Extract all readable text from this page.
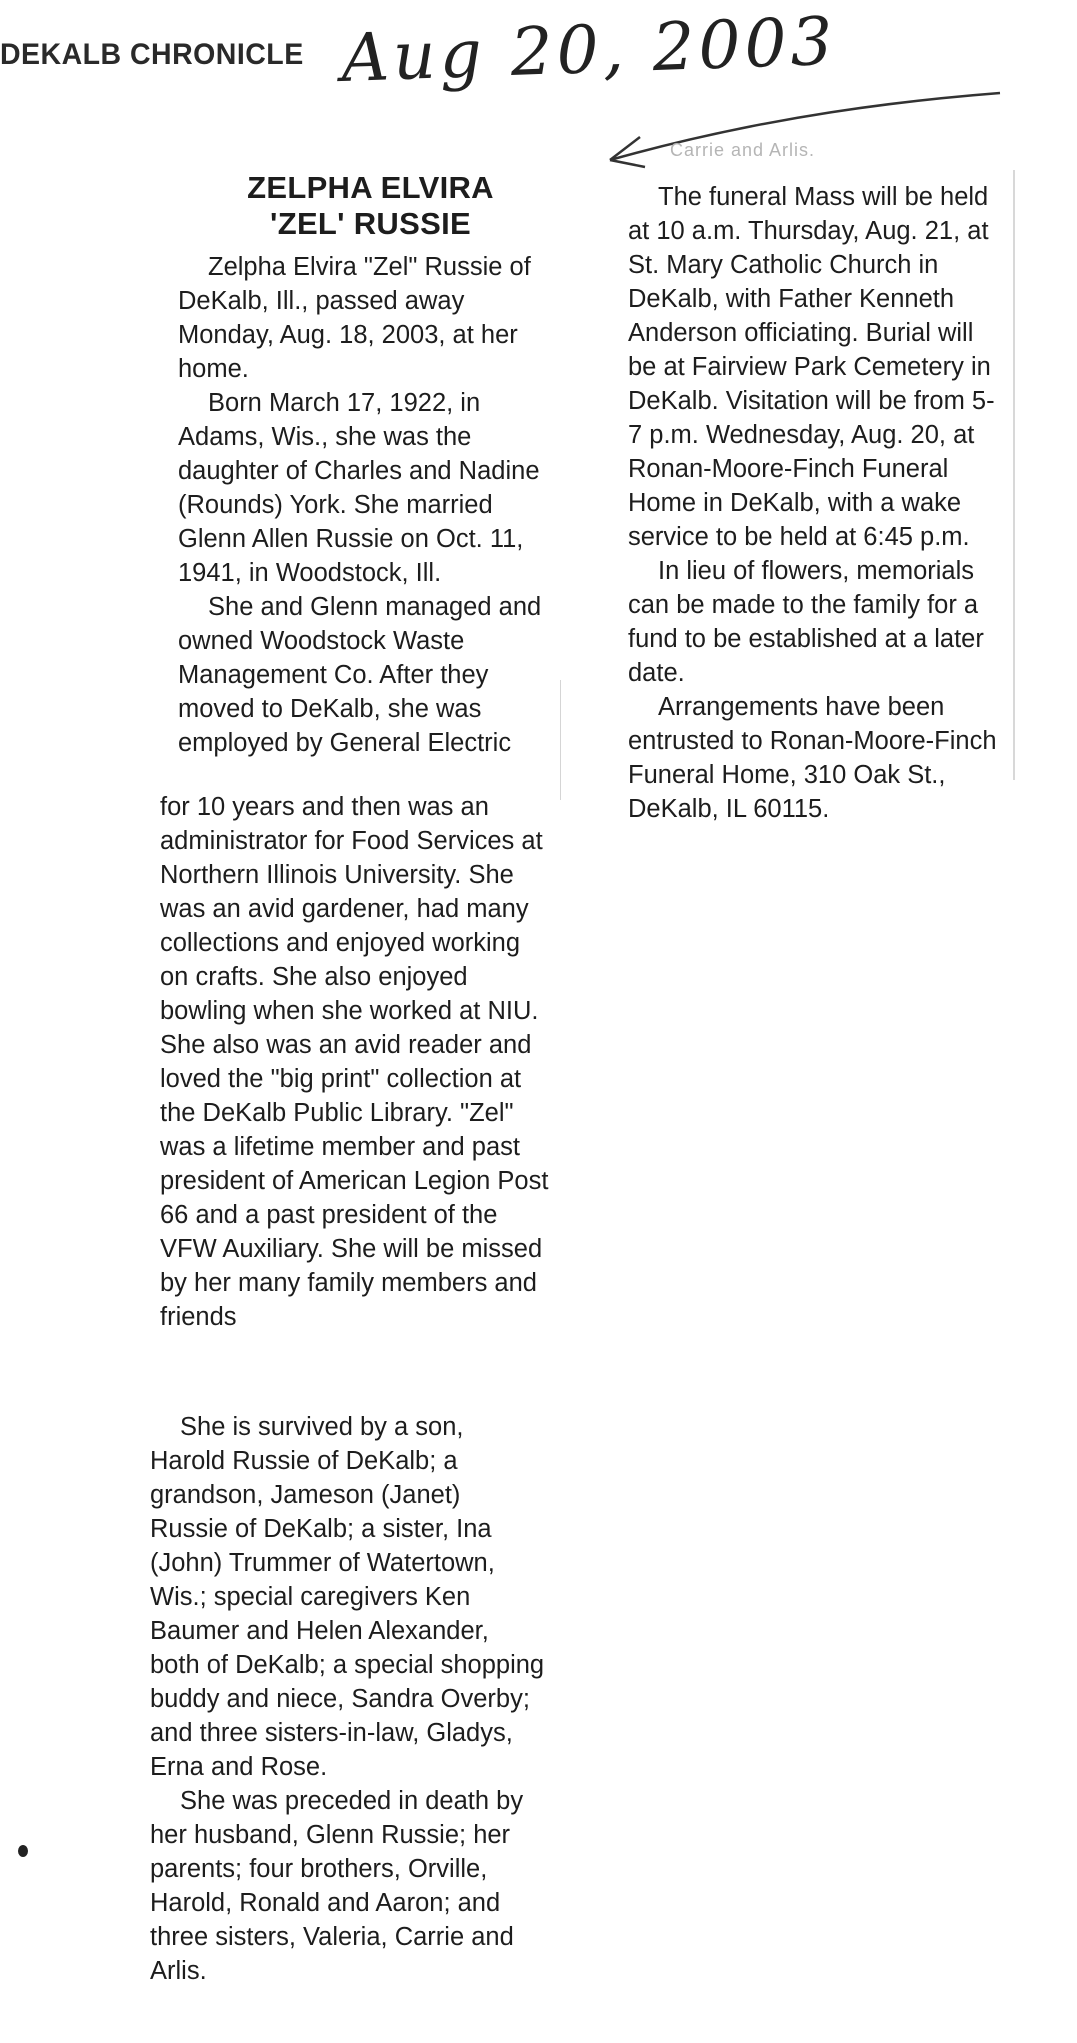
DEKALB CHRONICLE Aug 20, 2003
Carrie and Arlis.
ZELPHA ELVIRA
'ZEL' RUSSIE

Zelpha Elvira "Zel" Russie of DeKalb, Ill., passed away Monday, Aug. 18, 2003, at her home.

Born March 17, 1922, in Adams, Wis., she was the daughter of Charles and Nadine (Rounds) York. She married Glenn Allen Russie on Oct. 11, 1941, in Woodstock, Ill.

She and Glenn managed and owned Woodstock Waste Management Co. After they moved to DeKalb, she was employed by General Electric

for 10 years and then was an administrator for Food Services at Northern Illinois University. She was an avid gardener, had many collections and enjoyed working on crafts. She also enjoyed bowling when she worked at NIU. She also was an avid reader and loved the "big print" collection at the DeKalb Public Library. "Zel" was a lifetime member and past president of American Legion Post 66 and a past president of the VFW Auxiliary. She will be missed by her many family members and friends

She is survived by a son, Harold Russie of DeKalb; a grandson, Jameson (Janet) Russie of DeKalb; a sister, Ina (John) Trummer of Watertown, Wis.; special caregivers Ken Baumer and Helen Alexander, both of DeKalb; a special shopping buddy and niece, Sandra Overby; and three sisters-in-law, Gladys, Erna and Rose.

She was preceded in death by her husband, Glenn Russie; her parents; four brothers, Orville, Harold, Ronald and Aaron; and three sisters, Valeria, Carrie and Arlis.

The funeral Mass will be held at 10 a.m. Thursday, Aug. 21, at St. Mary Catholic Church in DeKalb, with Father Kenneth Anderson officiating. Burial will be at Fairview Park Cemetery in DeKalb. Visitation will be from 5-7 p.m. Wednesday, Aug. 20, at Ronan-Moore-Finch Funeral Home in DeKalb, with a wake service to be held at 6:45 p.m.

In lieu of flowers, memorials can be made to the family for a fund to be established at a later date.

Arrangements have been entrusted to Ronan-Moore-Finch Funeral Home, 310 Oak St., DeKalb, IL 60115.
